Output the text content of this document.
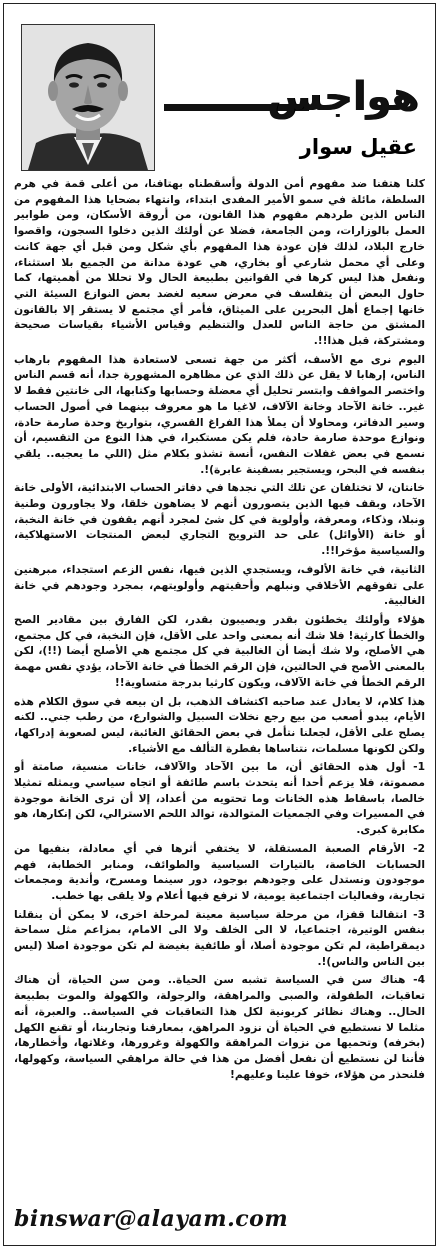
هواجس
عقيل سوار

كلنا هتفنا ضد مفهوم أمن الدولة وأسقطناه بهتافنا، من أعلى قمة في هرم السلطة، مائلة في سمو الأمير المفدى ابتداء، وانتهاء بضحايا هذا المفهوم من الناس الذين طردهم مفهوم هذا القانون، من أروقة الأسكان، ومن طوابير العمل بالوزارات، ومن الجامعة، فضلا عن أولئك الذين دخلوا السجون، واقصوا خارج البلاد، لذلك فإن عودة هذا المفهوم بأي شكل ومن قبل أي جهة كانت وعلى أي محمل شارعي أو بخاري، هي عودة مدانة من الجميع بلا استثناء، ونفعل هذا ليس كرها في القوانين بطبيعة الحال ولا تحللا من أهميتها، كما حاول البعض أن يتفلسف في معرض سعيه لغضد بعض النوازع السيئة التي خانها إجماع أهل البحرين على الميثاق، فأمر أي مجتمع لا يستقر إلا بالقانون المشتق من حاجة الناس للعدل والتنظيم وقياس الأشياء بقياسات صحيحة ومشتركة، قبل هذا!!.

اليوم نرى مع الأسف، أكثر من جهة تسعى لاستعادة هذا المفهوم بارهاب الناس، إرهابا لا يقل عن ذلك الذي عن مظاهره المشهورة جدا، أنه قسم الناس واختصر المواقف وابتسر تحليل أي معضلة وحسابها وكتابها، الى خانتين فقط لا غير.. خانة الآحاد وخانة الآلاف، لاغيا ما هو معروف بينهما في أصول الحساب وسير الدفاتر، ومحاولا أن يملأ هذا الفراغ القسري، بتواريخ وحدة صارمة حادة، ونوازع موحدة صارمة حادة، فلم يكن مستكبرا، في هذا النوع من التقسيم، أن نسمع في بعض غفلات النفس، أنسة تشذو بكلام مثل (اللي ما يعجبه.. يلقي بنفسه في البحر، ويستجير بسفينة عابرة)!.

خانتان، لا تختلفان عن تلك التي نجدها في دفاتر الحساب الابتدائية، الأولى خانة الآحاد، وبقف فيها الذين يتصورون أنهم لا يضاهون خلقا، ولا يجاورون وطنية ونبلا، وذكاء، ومعرفة، وأولوية في كل شئ لمجرد أنهم يقفون في خانة النخبة، أو خانة (الأوائل) على حد الترويج التجاري لبعض المنتجات الاستهلاكية، والسياسية مؤخرا!!.

الثانية، في خانة الألوف، ويستجدي الذين فيها، نفس الزعم استجداء، مبرهنين على تفوقهم الأخلاقي ونبلهم وأحقيتهم وأولويتهم، بمجرد وجودهم في خانة الغالبية.

هؤلاء وأولئك يخطئون بقدر ويصيبون بقدر، لكن الفارق بين مقادير الصح والخطأ كارثية! فلا شك أنه بمعنى واحد على الأقل، فإن النخبة، في كل مجتمع، هي الأصلح، ولا شك أيضا أن الغالبية في كل مجتمع هي الأصلح أيضا (!!)، لكن بالمعنى الأصح في الحالتين، فإن الرقم الخطأ في خانة الآحاد، يؤدي نفس مهمة الرقم الخطأ في خانة الآلاف، ويكون كارثيا بدرجة متساوية!!

هذا كلام، لا يعادل عند صاحبه اكتشاف الذهب، بل ان بيعه في سوق الكلام هذه الأيام، يبدو أصعب من بيع رجع نخلات السبيل والشوارع، من رطب جني.. لكنه يصلح على الأقل، لجعلنا نتأمل في بعض الحقائق الغائبة، ليس لصعوبة إدراكها، ولكن لكونها مسلمات، نتناساها بفطرة التألف مع الأشياء.

1- أول هذه الحقائق أن، ما بين الآحاد والآلاف، خانات منسية، صامتة أو مصموتة، فلا يزعم أحدا أنه يتحدث باسم طائفة أو اتجاه سياسي ويمثله تمثيلا خالصا، باسقاط هذه الخانات وما تحتويه من أعداد، إلا أن ترى الخانة موجودة في المسيرات وفي الجمعيات المتوالدة، توالد اللحم الاسترالي، لكن إنكارها، هو مكابرة كبرى.

2- الأرقام الصعبة المستقلة، لا يختفي أثرها في أي معادلة، بنفيها من الحسابات الخاصة، بالتيارات السياسية والطوائف، ومنابر الخطابة، فهم موجودون ونستدل على وجودهم بوجود، دور سينما ومسرح، وأندية ومجمعات تجارية، وفعاليات اجتماعية يومية، لا ترفع فيها أعلام ولا يلقى بها خطب.

3- انتقالنا قفزا، من مرحلة سياسية معينة لمرحلة اخرى، لا يمكن أن ينقلنا بنفس الوتيرة، اجتماعيا، لا الى الخلف ولا الى الامام، بمزاعم مثل سماحة ديمقراطية، لم تكن موجودة أصلا، أو طائفية بغيضة لم تكن موجودة اصلا (ليس بين الناس والناس)!.

4- هناك سن في السياسة تشبه سن الحياة.. ومن سن الحياة، أن هناك تعاقبات، الطفولة، والصبى والمراهقة، والرجولة، والكهولة والموت بطبيعة الحال.. وهناك نظائر كربونية لكل هذا التعاقبات في السياسة.. والعبرة، أنه مثلما لا نستطيع في الحياة أن نزود المراهق، بمعارفنا وتجاربنا، أو تقنع الكهل (بخرفه) وتحميها من نزوات المراهقة والكهولة وغرورها، وغلاتها، وأخطارها، فأننا لن نستطيع أن نفعل أفضل من هذا في حالة مراهقي السياسة، وكهولها، فلنحذر من هؤلاء، خوفا علينا وعليهم!

binswar@alayam.com
